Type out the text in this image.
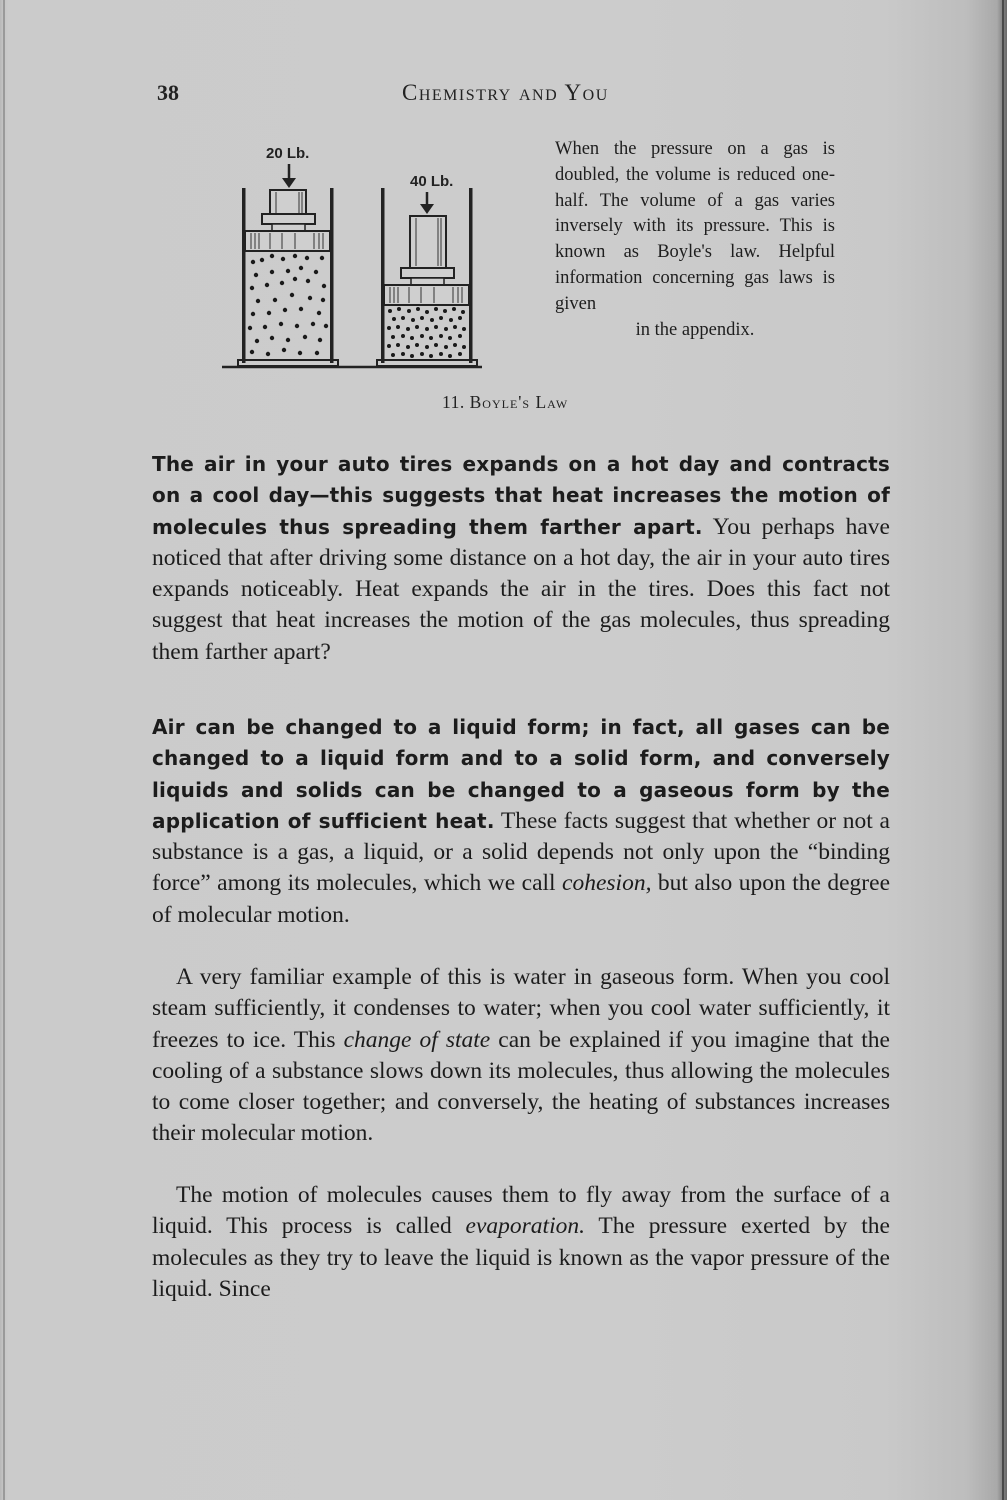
38	Chemistry and You
20 Lb.
40 Lb.
When the pressure on a gas is doubled, the volume is reduced one-half. The volume of a gas varies inversely with its pressure. This is known as Boyle's law. Helpful information concerning gas laws is given
in the appendix.
11. Boyle's Law

The air in your auto tires expands on a hot day and contracts on a cool day—this suggests that heat increases the motion of molecules thus spreading them farther apart. You perhaps have noticed that after driving some distance on a hot day, the air in your auto tires expands noticeably. Heat expands the air in the tires. Does this fact not suggest that heat increases the motion of the gas molecules, thus spreading them farther apart?

Air can be changed to a liquid form; in fact, all gases can be changed to a liquid form and to a solid form, and conversely liquids and solids can be changed to a gaseous form by the application of sufficient heat. These facts suggest that whether or not a substance is a gas, a liquid, or a solid depends not only upon the “binding force” among its molecules, which we call cohesion, but also upon the degree of molecular motion.

A very familiar example of this is water in gaseous form. When you cool steam sufficiently, it condenses to water; when you cool water sufficiently, it freezes to ice. This change of state can be explained if you imagine that the cooling of a substance slows down its molecules, thus allowing the molecules to come closer together; and conversely, the heating of substances increases their molecular motion.

The motion of molecules causes them to fly away from the surface of a liquid. This process is called evaporation. The pressure exerted by the molecules as they try to leave the liquid is known as the vapor pressure of the liquid. Since
